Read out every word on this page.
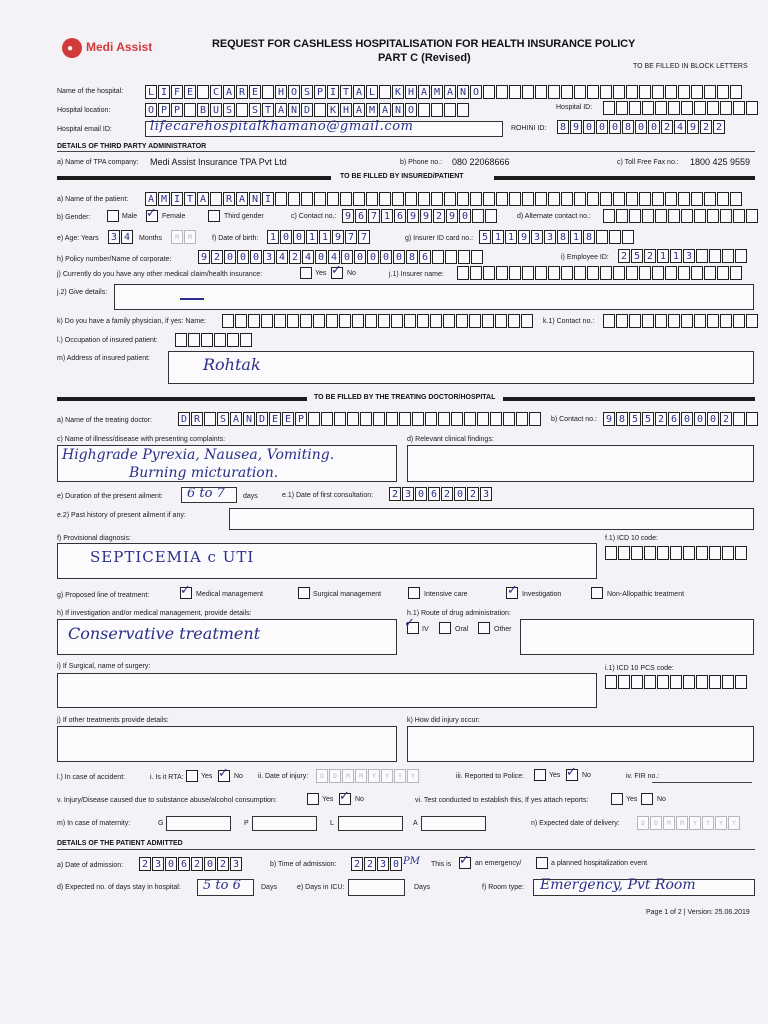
● Medi Assist	REQUEST FOR CASHLESS HOSPITALISATION FOR HEALTH INSURANCE POLICY
PART C (Revised)
TO BE FILLED IN BLOCK LETTERS
Name of the hospital: L I F E C A R E H O S P I T A L K H A M A N O
Hospital location:	O P P B U S S T A N D K H A M A N O	Hospital ID:
Hospital email ID:	lifecarehospitalkhamano@gmail.com	ROHINI ID: 8 9 0 0 0 8 0 0 2 4 9 2 2
DETAILS OF THIRD PARTY ADMINISTRATOR
a) Name of TPA company: Medi Assist Insurance TPA Pvt Ltd	b) Phone no.: 080 22068666	c) Toll Free Fax no.: 1800 425 9559
TO BE FILLED BY INSURED/PATIENT
a) Name of the patient: A M I T A R A N I
b) Gender:	Male ✓ Female	Third gender	c) Contact no.: 9 6 7 1 6 9 9 2 9 0	d) Alternate contact no.:
e) Age: Years 3 4	Months	M	M	f) Date of birth: 1 0 0 1 1 9 7 7	g) Insurer ID card no.: 5 1 1 9 3 3 8 1 8
h) Policy number/Name of corporate:	9 2 0 0 0 3 4 2 4 0 4 0 0 0 0 0 8 6	i) Employee ID: 2 5 2 1 1 3
j) Currently do you have any other medical claim/health insurance:	Yes ✓ No	j.1) Insurer name:
j.2) Give details:
k) Do you have a family physician, if yes: Name:	k.1) Contact no.:
l.) Occupation of insured patient:
m) Address of insured patient:	Rohtak
TO BE FILLED BY THE TREATING DOCTOR/HOSPITAL
a) Name of the treating doctor:	D R S A N D E E P	b) Contact no.: 9 8 5 5 2 6 0 0 0 2
c) Name of illness/disease with presenting complaints:	d) Relevant clinical findings:
Highgrade Pyrexia, Nausea, Vomiting.
Burning micturation.
e) Duration of the present ailment: 6 to 7	days	e.1) Date of first consultation: 2 3 0 6 2 0 2 3
e.2) Past history of present ailment if any:
f) Provisional diagnosis:	f.1) ICD 10 code:
SEPTICEMIA c UTI
g) Proposed line of treatment: ✓ Medical management	Surgical management	Intensive care	✓ Investigation	Non-Allopathic treatment
h) If investigation and/or medical management, provide details:	h.1) Route of drug administration:
Conservative treatment
✓ IV	Oral	Other
i) If Surgical, name of surgery:	i.1) ICD 10 PCS code:
j) If other treatments provide details:	k) How did injury occur:
l.) In case of accident:	i. Is it RTA: Yes ✓ No ii. Date of injury:	D	D	M	M	Y	Y	Y	Y	iii. Reported to Police:	Yes ✓ No	iv. FIR no.:
v. Injury/Disease caused due to substance abuse/alcohol consumption:	Yes ✓ No	vi. Test conducted to establish this, If yes attach reports:	Yes	No
m) In case of maternity:	G	P	L	A	n) Expected date of delivery:	D	D	M	M	Y	Y	Y	Y
DETAILS OF THE PATIENT ADMITTED
a) Date of admission: 2 3 0 6 2 0 2 3	b) Time of admission: 2 2 3 0 PM This is ✓ an emergency/	a planned hospitalization event
d) Expected no. of days stay in hospital: 5 to 6	Days	e) Days in ICU:	Days	f) Room type: Emergency, Pvt Room
Page 1 of 2 | Version: 25.06.2019
